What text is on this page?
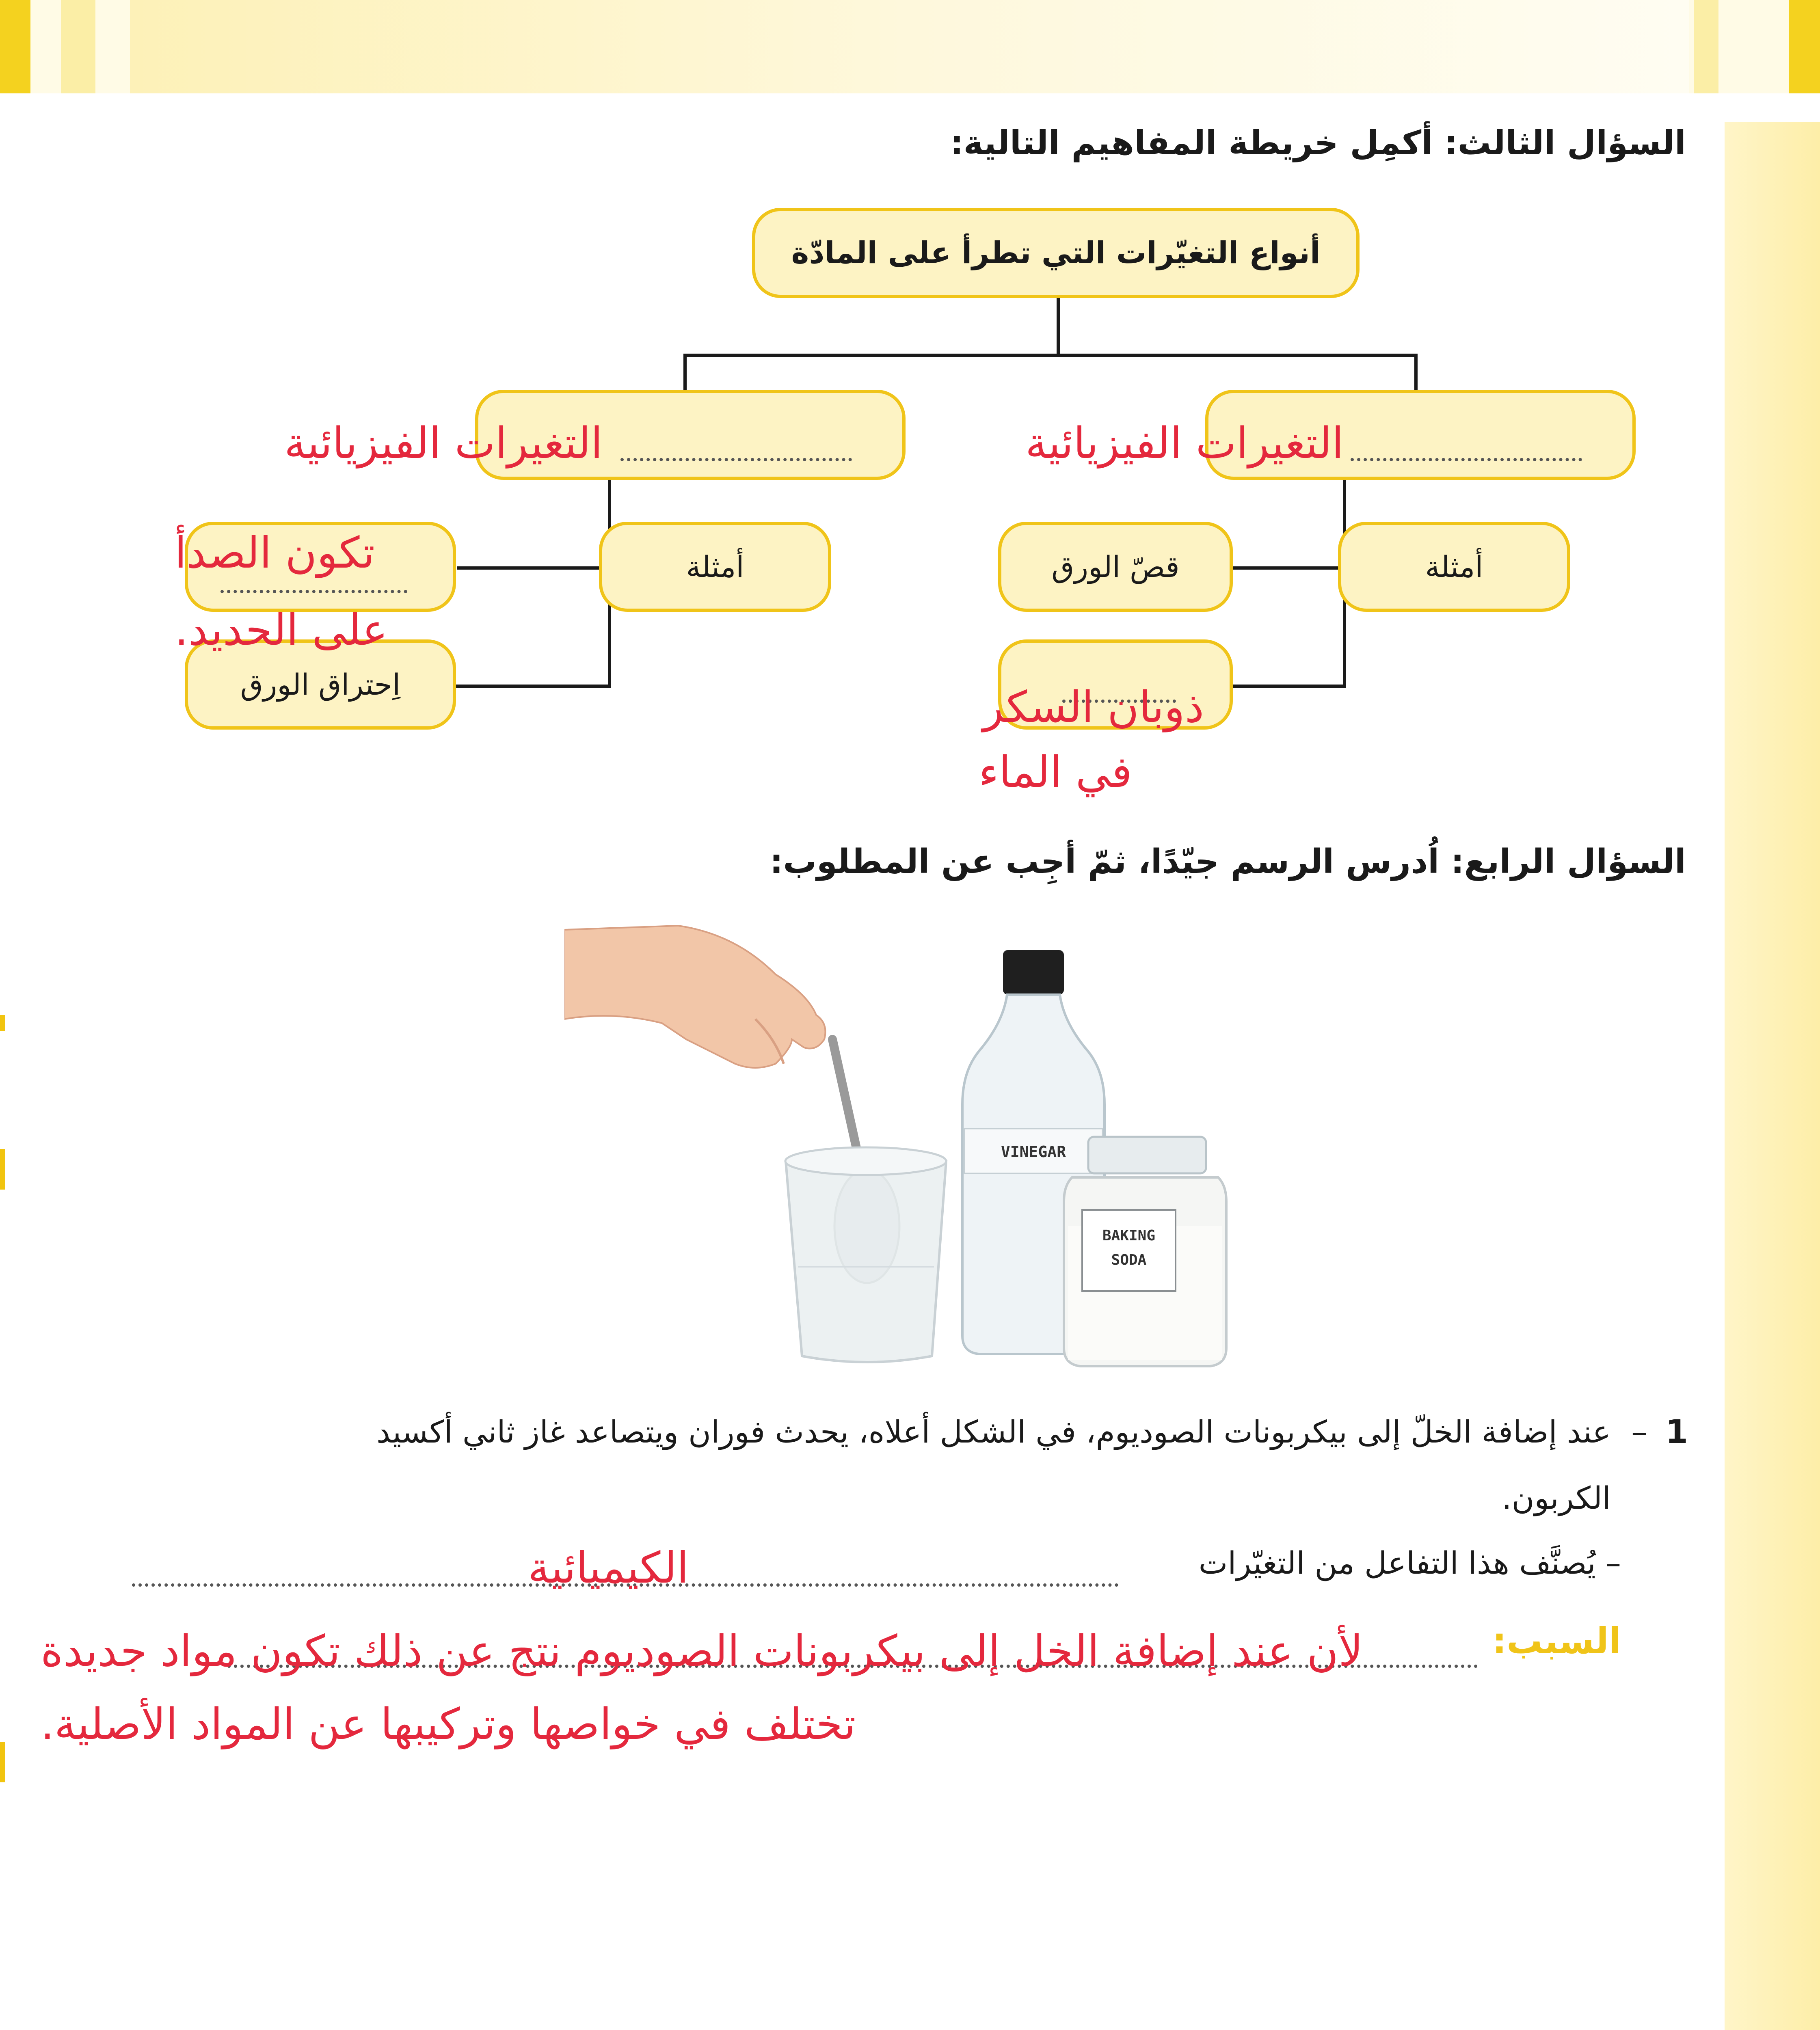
السؤال الثالث: أكمِل خريطة المفاهيم التالية:
أنواع التغيّرات التي تطرأ على المادّة
التغيرات الفيزيائية
التغيرات الفيزيائية
أمثلة
قصّ الورق
ذوبان السكر
في الماء
أمثلة
اِحتراق الورق
تكون الصدأ
على الحديد.
السؤال الرابع: اُدرس الرسم جيّدًا، ثمّ أجِب عن المطلوب:
VINEGAR
BAKING
SODA
1
–
عند إضافة الخلّ إلى بيكربونات الصوديوم، في الشكل أعلاه، يحدث فوران ويتصاعد غاز ثاني أكسيد
الكربون.
– يُصنَّف هذا التفاعل من التغيّرات
الكيميائية
السبب:
لأن عند إضافة الخل إلى بيكربونات الصوديوم نتج عن ذلك تكون مواد جديدة
تختلف في خواصها وتركيبها عن المواد الأصلية.
